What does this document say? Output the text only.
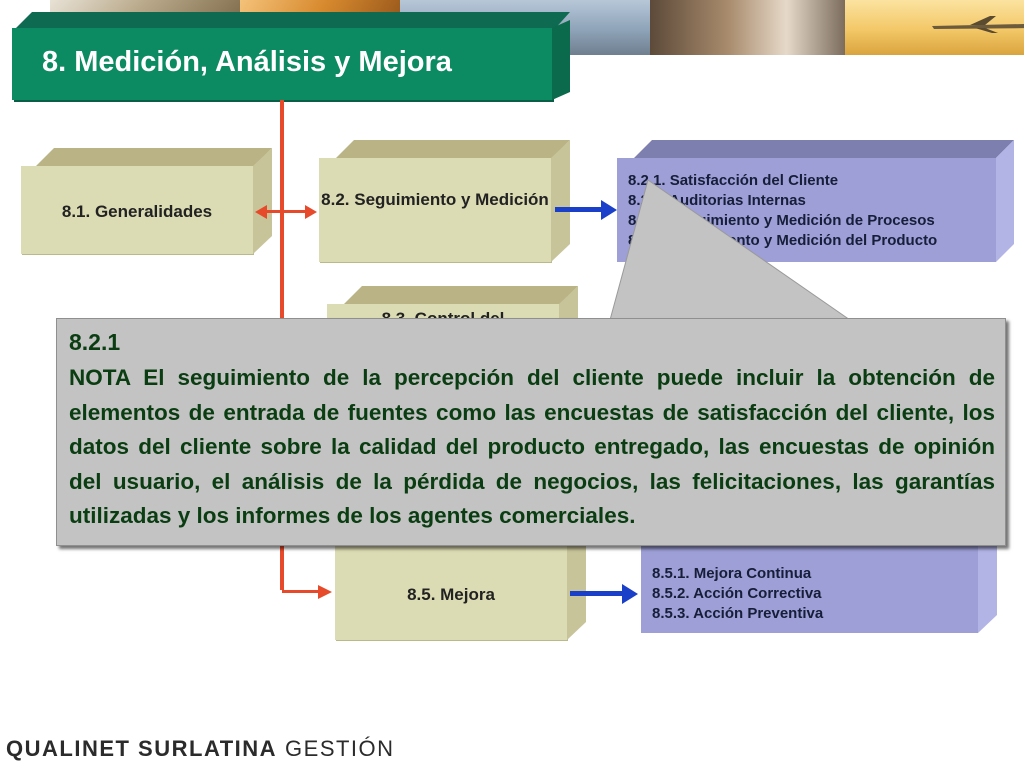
8. Medición, Análisis y Mejora
8.1. Generalidades
8.2. Seguimiento y Medición
8.2.1. Satisfacción del Cliente
8.2.2. Auditorias Internas
8.2.3. Seguimiento y Medición de Procesos
8.2.4. Seguimiento y Medición del Producto
8.5. Mejora
8.5.1. Mejora Continua
8.5.2. Acción Correctiva
8.5.3. Acción Preventiva
8.2.1
NOTA El seguimiento de la percepción del cliente puede incluir la obtención de elementos de entrada de fuentes como las encuestas de satisfacción del cliente, los datos del cliente sobre la calidad del producto entregado, las encuestas de opinión del usuario, el análisis de la pérdida de negocios, las felicitaciones, las garantías utilizadas y los informes de los agentes comerciales.
QUALINET SURLATINA GESTIÓN
